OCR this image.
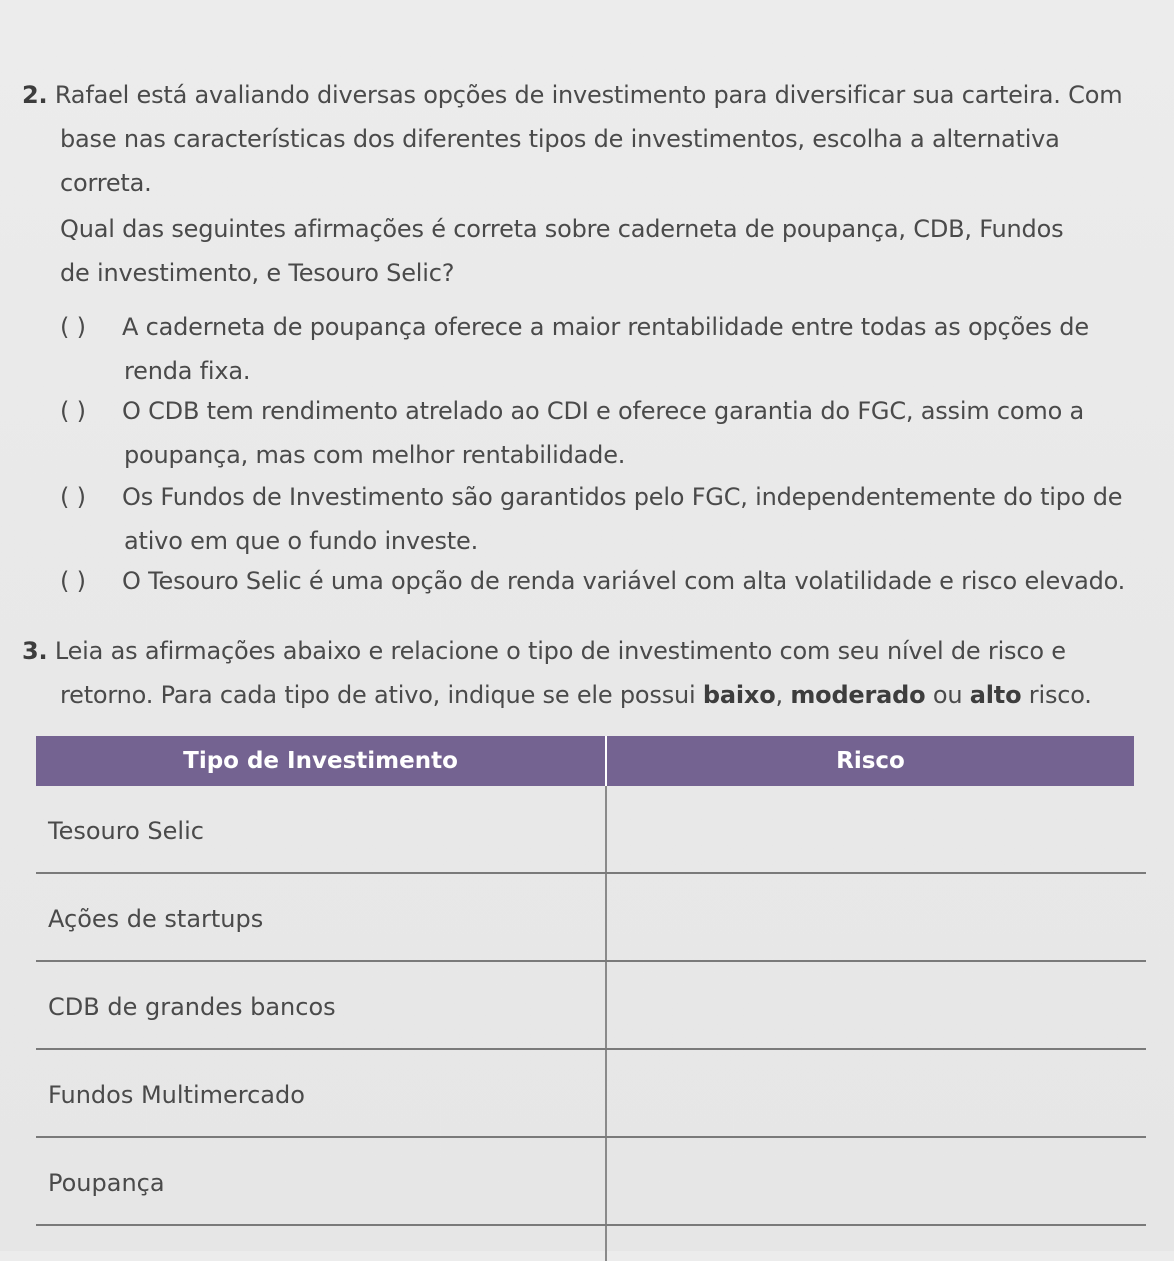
2. Rafael está avaliando diversas opções de investimento para diversificar sua carteira. Com
base nas características dos diferentes tipos de investimentos, escolha a alternativa
correta.
Qual das seguintes afirmações é correta sobre caderneta de poupança, CDB, Fundos
de investimento, e Tesouro Selic?
( ) A caderneta de poupança oferece a maior rentabilidade entre todas as opções de
renda fixa.
( ) O CDB tem rendimento atrelado ao CDI e oferece garantia do FGC, assim como a
poupança, mas com melhor rentabilidade.
( ) Os Fundos de Investimento são garantidos pelo FGC, independentemente do tipo de
ativo em que o fundo investe.
( ) O Tesouro Selic é uma opção de renda variável com alta volatilidade e risco elevado.
3. Leia as afirmações abaixo e relacione o tipo de investimento com seu nível de risco e
retorno. Para cada tipo de ativo, indique se ele possui baixo, moderado ou alto risco.
Tipo de Investimento	Risco
Tesouro Selic
Ações de startups
CDB de grandes bancos
Fundos Multimercado
Poupança
